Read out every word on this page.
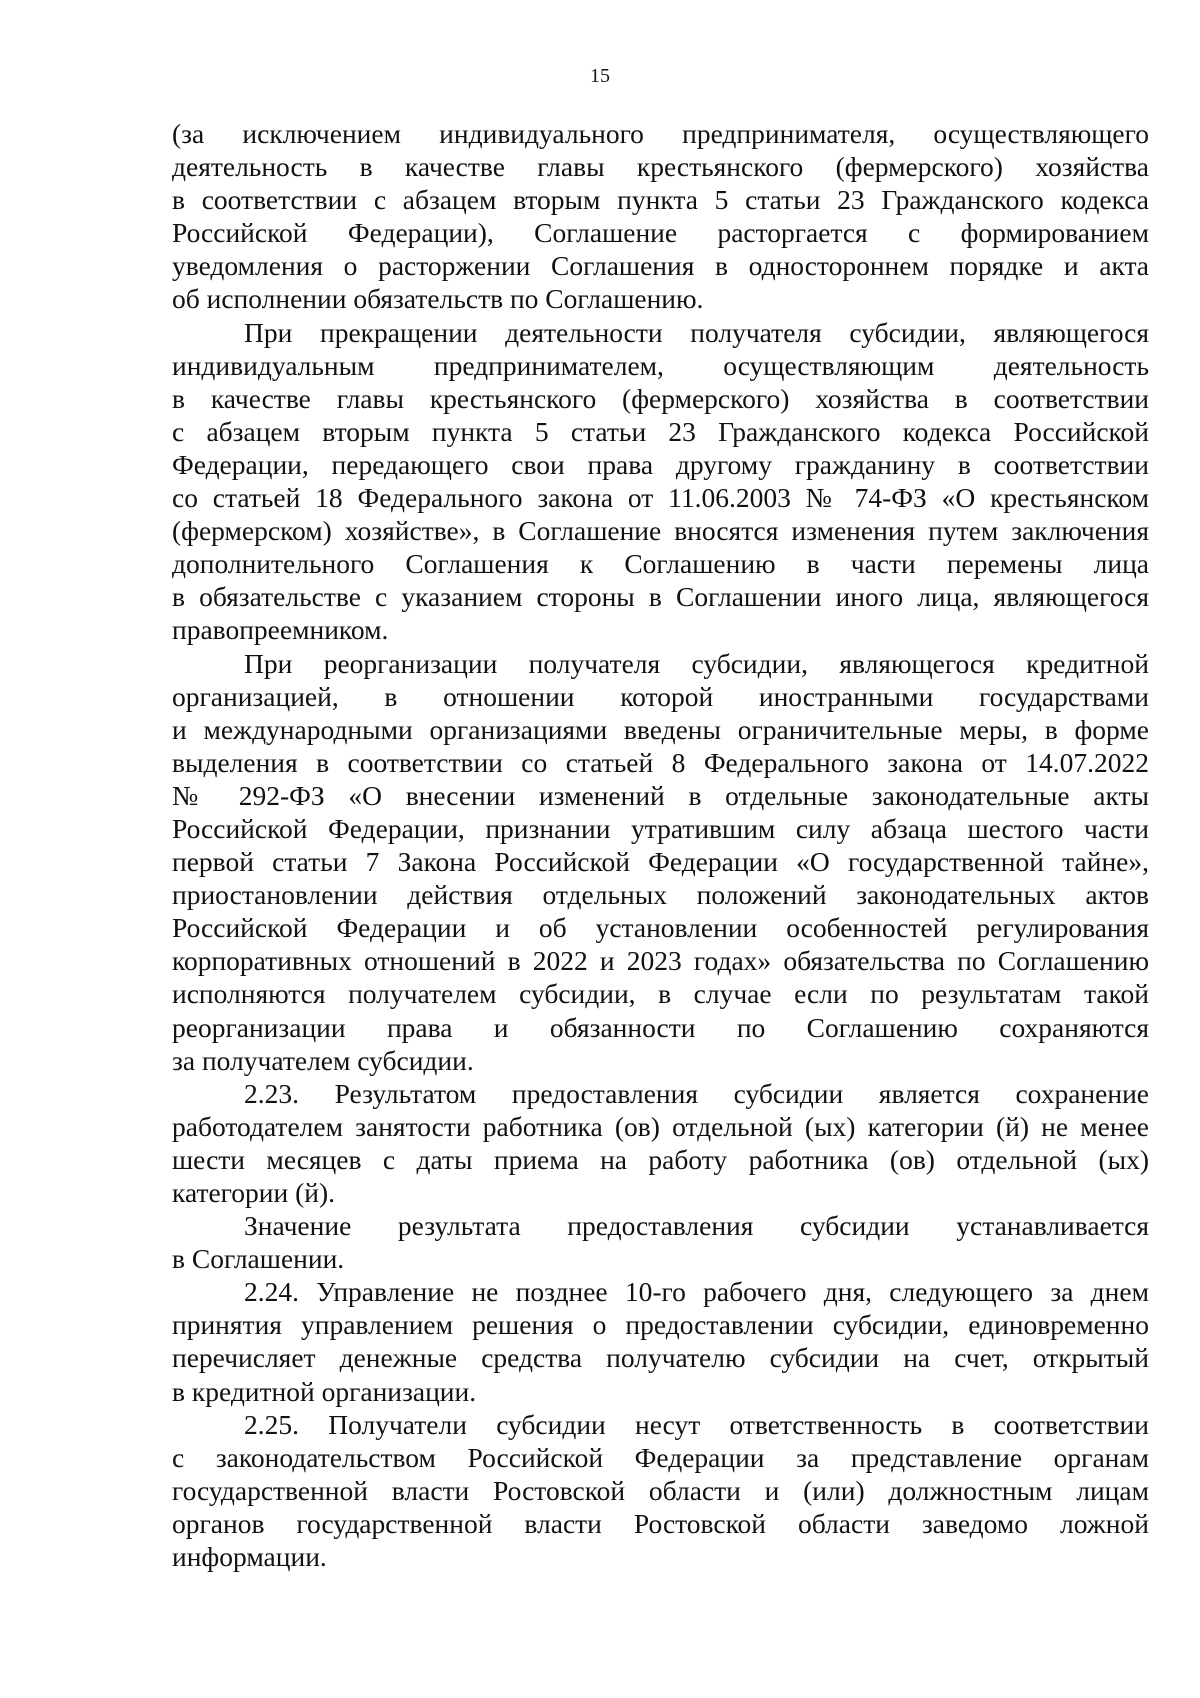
15

(за исключением индивидуального предпринимателя, осуществляющего
деятельность в качестве главы крестьянского (фермерского) хозяйства
в соответствии с абзацем вторым пункта 5 статьи 23 Гражданского кодекса
Российской Федерации), Соглашение расторгается с формированием
уведомления о расторжении Соглашения в одностороннем порядке и акта
об исполнении обязательств по Соглашению.

При прекращении деятельности получателя субсидии, являющегося
индивидуальным предпринимателем, осуществляющим деятельность
в качестве главы крестьянского (фермерского) хозяйства в соответствии
с абзацем вторым пункта 5 статьи 23 Гражданского кодекса Российской
Федерации, передающего свои права другому гражданину в соответствии
со статьей 18 Федерального закона от 11.06.2003 № 74-ФЗ «О крестьянском
(фермерском) хозяйстве», в Соглашение вносятся изменения путем заключения
дополнительного Соглашения к Соглашению в части перемены лица
в обязательстве с указанием стороны в Соглашении иного лица, являющегося
правопреемником.

При реорганизации получателя субсидии, являющегося кредитной
организацией, в отношении которой иностранными государствами
и международными организациями введены ограничительные меры, в форме
выделения в соответствии со статьей 8 Федерального закона от 14.07.2022
№ 292-ФЗ «О внесении изменений в отдельные законодательные акты
Российской Федерации, признании утратившим силу абзаца шестого части
первой статьи 7 Закона Российской Федерации «О государственной тайне»,
приостановлении действия отдельных положений законодательных актов
Российской Федерации и об установлении особенностей регулирования
корпоративных отношений в 2022 и 2023 годах» обязательства по Соглашению
исполняются получателем субсидии, в случае если по результатам такой
реорганизации права и обязанности по Соглашению сохраняются
за получателем субсидии.

2.23. Результатом предоставления субсидии является сохранение
работодателем занятости работника (ов) отдельной (ых) категории (й) не менее
шести месяцев с даты приема на работу работника (ов) отдельной (ых)
категории (й).

Значение результата предоставления субсидии устанавливается
в Соглашении.

2.24. Управление не позднее 10-го рабочего дня, следующего за днем
принятия управлением решения о предоставлении субсидии, единовременно
перечисляет денежные средства получателю субсидии на счет, открытый
в кредитной организации.

2.25. Получатели субсидии несут ответственность в соответствии
с законодательством Российской Федерации за представление органам
государственной власти Ростовской области и (или) должностным лицам
органов государственной власти Ростовской области заведомо ложной
информации.
